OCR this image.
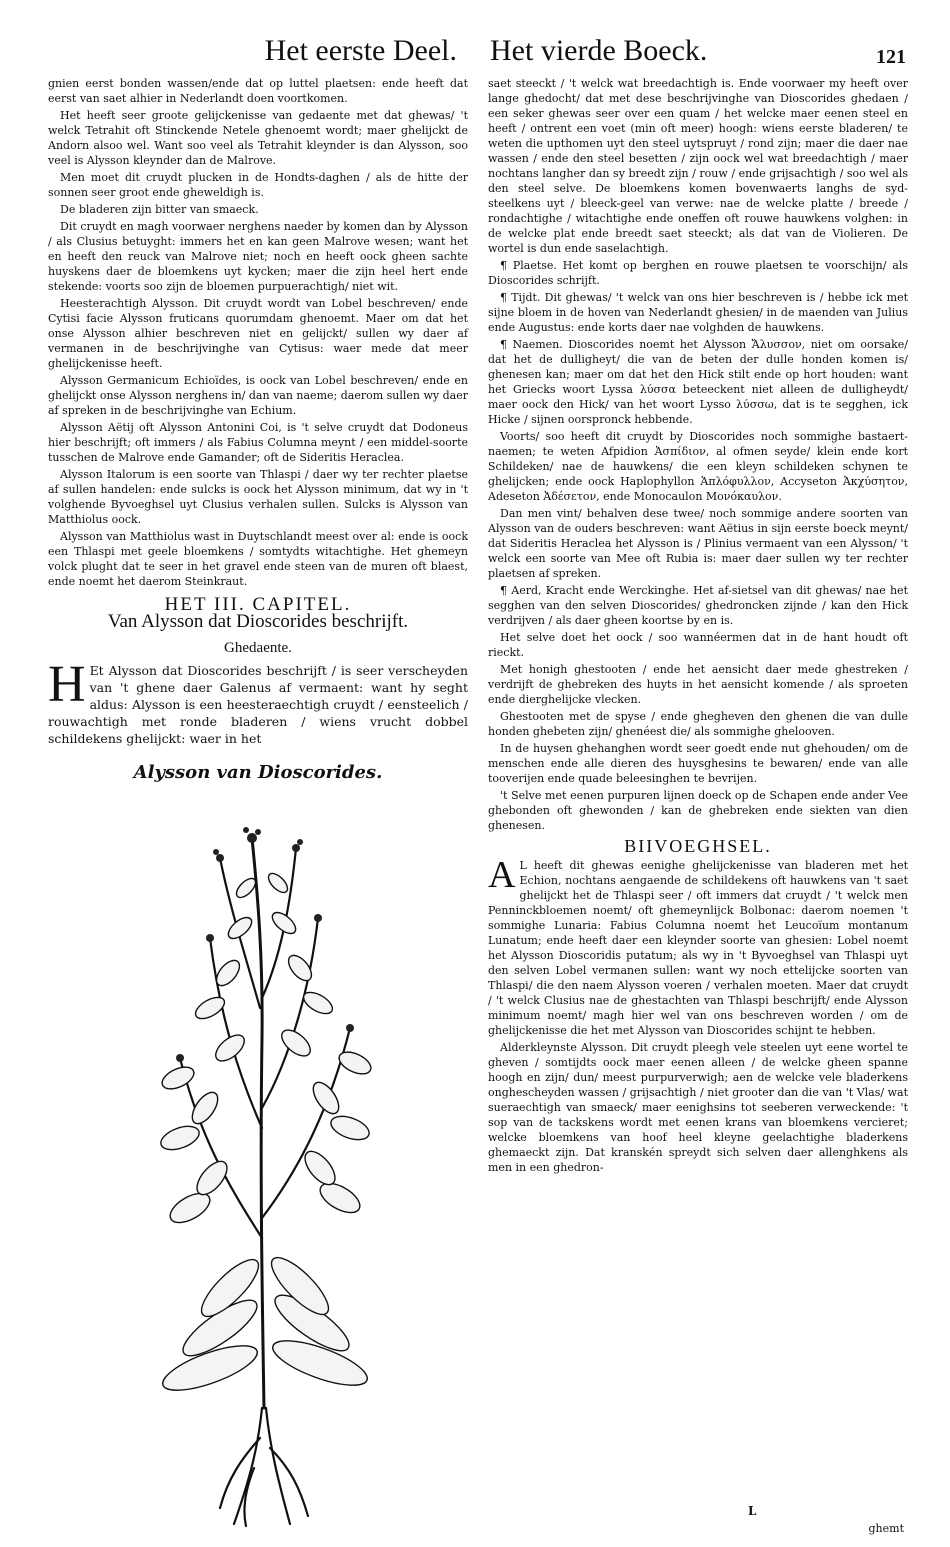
Het eerste Deel. Het vierde Boeck.	121

gnien eerst bonden wassen/ende dat op luttel plaetsen: ende heeft dat eerst van saet alhier in Nederlandt doen voortkomen.

Het heeft seer groote gelijckenisse van gedaente met dat ghewas/ 't welck Tetrahit oft Stinckende Netele ghenoemt wordt; maer ghelijckt de Andorn alsoo wel. Want soo veel als Tetrahit kleynder is dan Alysson, soo veel is Alysson kleynder dan de Malrove.

Men moet dit cruydt plucken in de Hondts-daghen / als de hitte der sonnen seer groot ende gheweldigh is.

De bladeren zijn bitter van smaeck.

Dit cruydt en magh voorwaer nerghens naeder by komen dan by Alysson / als Clusius betuyght: immers het en kan geen Malrove wesen; want het en heeft den reuck van Malrove niet; noch en heeft oock gheen sachte huyskens daer de bloemkens uyt kycken; maer die zijn heel hert ende stekende: voorts soo zijn de bloemen purpuerachtigh/ niet wit.

Heesterachtigh Alysson. Dit cruydt wordt van Lobel beschreven/ ende Cytisi facie Alysson fruticans quorumdam ghenoemt. Maer om dat het onse Alysson alhier beschreven niet en gelijckt/ sullen wy daer af vermanen in de beschrijvinghe van Cytisus: waer mede dat meer ghelijckenisse heeft.

Alysson Germanicum Echioïdes, is oock van Lobel beschreven/ ende en ghelijckt onse Alysson nerghens in/ dan van naeme; daerom sullen wy daer af spreken in de beschrijvinghe van Echium.

Alysson Aëtij oft Alysson Antonini Coi, is 't selve cruydt dat Dodoneus hier beschrijft; oft immers / als Fabius Columna meynt / een middel-soorte tusschen de Malrove ende Gamander; oft de Sideritis Heraclea.

Alysson Italorum is een soorte van Thlaspi / daer wy ter rechter plaetse af sullen handelen: ende sulcks is oock het Alysson minimum, dat wy in 't volghende Byvoeghsel uyt Clusius verhalen sullen. Sulcks is Alysson van Matthiolus oock.

Alysson van Matthiolus wast in Duytschlandt meest over al: ende is oock een Thlaspi met geele bloemkens / somtydts witachtighe. Het ghemeyn volck plught dat te seer in het gravel ende steen van de muren oft blaest, ende noemt het daerom Steinkraut.

HET III. CAPITEL.
Van Alysson dat Dioscorides beschrijft.
Ghedaente.

H Et Alysson dat Dioscorides beschrijft / is seer verscheyden van 't ghene daer Galenus af vermaent: want hy seght aldus: Alysson is een heesteraechtigh cruydt / eensteelich / rouwachtigh met ronde bladeren / wiens vrucht dobbel schildekens ghelijckt: waer in het

Alysson van Dioscorides.

saet steeckt / 't welck wat breedachtigh is. Ende voorwaer my heeft over lange ghedocht/ dat met dese beschrijvinghe van Dioscorides ghedaen / een seker ghewas seer over een quam / het welcke maer eenen steel en heeft / ontrent een voet (min oft meer) hoogh: wiens eerste bladeren/ te weten die upthomen uyt den steel uytspruyt / rond zijn; maer die daer nae wassen / ende den steel besetten / zijn oock wel wat breedachtigh / maer nochtans langher dan sy breedt zijn / rouw / ende grijsachtigh / soo wel als den steel selve. De bloemkens komen bovenwaerts langhs de syd-steelkens uyt / bleeck-geel van verwe: nae de welcke platte / breede / rondachtighe / witachtighe ende oneffen oft rouwe hauwkens volghen: in de welcke plat ende breedt saet steeckt; als dat van de Violieren. De wortel is dun ende saselachtigh.

¶ Plaetse. Het komt op berghen en rouwe plaetsen te voorschijn/ als Dioscorides schrijft.

¶ Tijdt. Dit ghewas/ 't welck van ons hier beschreven is / hebbe ick met sijne bloem in de hoven van Nederlandt ghesien/ in de maenden van Julius ende Augustus: ende korts daer nae volghden de hauwkens.

¶ Naemen. Dioscorides noemt het Alysson Ἄλυσσον, niet om oorsake/ dat het de dulligheyt/ die van de beten der dulle honden komen is/ ghenesen kan; maer om dat het den Hick stilt ende op hort houden: want het Griecks woort Lyssa λύσσα beteeckent niet alleen de dulligheydt/ maer oock den Hick/ van het woort Lysso λύσσω, dat is te segghen, ick Hicke / sijnen oorspronck hebbende.

Voorts/ soo heeft dit cruydt by Dioscorides noch sommighe bastaert-naemen; te weten Afpidion Ἀσπίδιον, al ofmen seyde/ klein ende kort Schildeken/ nae de hauwkens/ die een kleyn schildeken schynen te ghelijcken; ende oock Haplophyllon Ἁπλόφυλλον, Accyseton Ἀκχύσητον, Adeseton Ἀδέσετον, ende Monocaulon Μονόκαυλον.

Dan men vint/ behalven dese twee/ noch sommige andere soorten van Alysson van de ouders beschreven: want Aëtius in sijn eerste boeck meynt/ dat Sideritis Heraclea het Alysson is / Plinius vermaent van een Alysson/ 't welck een soorte van Mee oft Rubia is: maer daer sullen wy ter rechter plaetsen af spreken.

¶ Aerd, Kracht ende Werckinghe. Het af-sietsel van dit ghewas/ nae het segghen van den selven Dioscorides/ ghedroncken zijnde / kan den Hick verdrijven / als daer gheen koortse by en is.

Het selve doet het oock / soo wannéermen dat in de hant houdt oft rieckt.

Met honigh ghestooten / ende het aensicht daer mede ghestreken / verdrijft de ghebreken des huyts in het aensicht komende / als sproeten ende dierghelijcke vlecken.

Ghestooten met de spyse / ende ghegheven den ghenen die van dulle honden ghebeten zijn/ ghenéest die/ als sommighe ghelooven.

In de huysen ghehanghen wordt seer goedt ende nut ghehouden/ om de menschen ende alle dieren des huysghesins te bewaren/ ende van alle tooverijen ende quade beleesinghen te bevrijen.

't Selve met eenen purpuren lijnen doeck op de Schapen ende ander Vee ghebonden oft ghewonden / kan de ghebreken ende siekten van dien ghenesen.

BIIVOEGHSEL.

A L heeft dit ghewas eenighe ghelijckenisse van bladeren met het Echion, nochtans aengaende de schildekens oft hauwkens van 't saet ghelijckt het de Thlaspi seer / oft immers dat cruydt / 't welck men Penninckbloemen noemt/ oft ghemeynlijck Bolbonac: daerom noemen 't sommighe Lunaria: Fabius Columna noemt het Leucoïum montanum Lunatum; ende heeft daer een kleynder soorte van ghesien: Lobel noemt het Alysson Dioscoridis putatum; als wy in 't Byvoeghsel van Thlaspi uyt den selven Lobel vermanen sullen: want wy noch ettelijcke soorten van Thlaspi/ die den naem Alysson voeren / verhalen moeten. Maer dat cruydt / 't welck Clusius nae de ghestachten van Thlaspi beschrijft/ ende Alysson minimum noemt/ magh hier wel van ons beschreven worden / om de ghelijckenisse die het met Alysson van Dioscorides schijnt te hebben.

Alderkleynste Alysson. Dit cruydt pleegh vele steelen uyt eene wortel te gheven / somtijdts oock maer eenen alleen / de welcke gheen spanne hoogh en zijn/ dun/ meest purpurverwigh; aen de welcke vele bladerkens onghescheyden wassen / grijsachtigh / niet grooter dan die van 't Vlas/ wat sueraechtigh van smaeck/ maer eenighsins tot seeberen verweckende: 't sop van de tackskens wordt met eenen krans van bloemkens vercieret; welcke bloemkens van hoof heel kleyne geelachtighe bladerkens ghemaeckt zijn. Dat kranskén spreydt sich selven daer allenghkens als men in een ghedron-

L
ghemt
